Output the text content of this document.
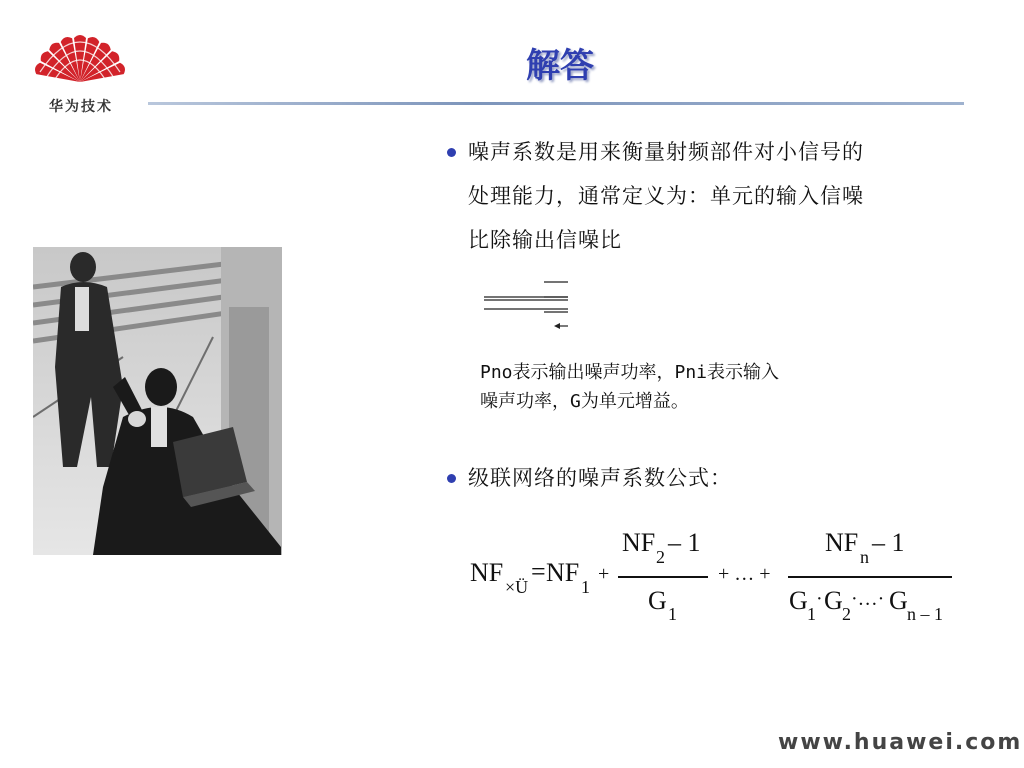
华为技术
解答
噪声系数是用来衡量射频部件对小信号的
处理能力，通常定义为：单元的输入信噪
比除输出信噪比
Pno表示输出噪声功率，Pni表示输入
噪声功率，G为单元增益。
级联网络的噪声系数公式：
NF ×Ü
= NF 1
+
NF 2 – 1
G 1
+ … +
NF n – 1
G 1
· G 2
·…· G n – 1
www.huawei.com
